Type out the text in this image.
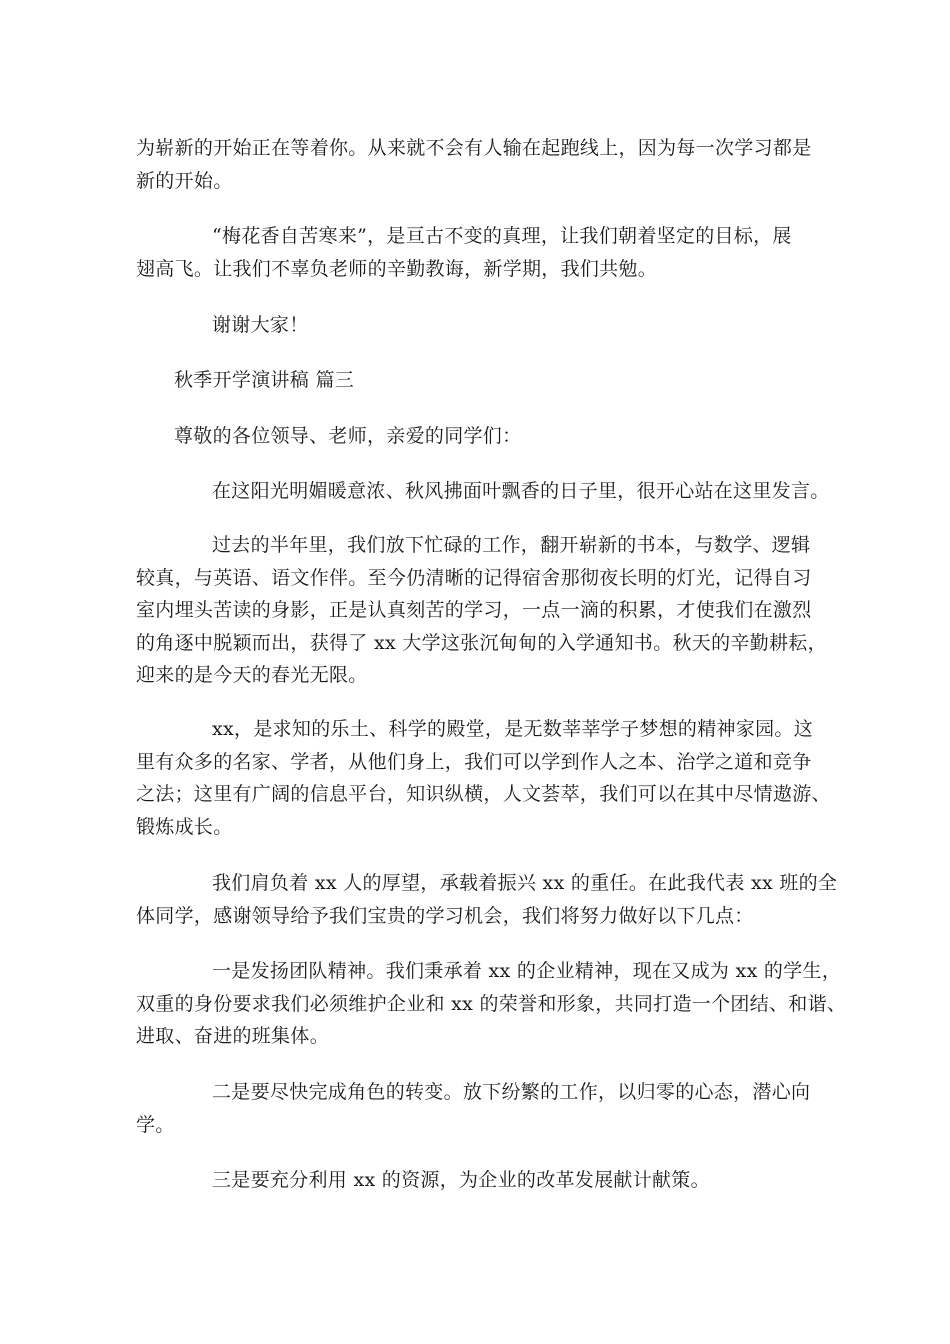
为崭新的开始正在等着你。从来就不会有人输在起跑线上，因为每一次学习都是
新的开始。

“梅花香自苦寒来”，是亘古不变的真理，让我们朝着坚定的目标，展
翅高飞。让我们不辜负老师的辛勤教诲，新学期，我们共勉。

谢谢大家！

秋季开学演讲稿 篇三

尊敬的各位领导、老师，亲爱的同学们：

在这阳光明媚暖意浓、秋风拂面叶飘香的日子里，很开心站在这里发言。

过去的半年里，我们放下忙碌的工作，翻开崭新的书本，与数学、逻辑
较真，与英语、语文作伴。至今仍清晰的记得宿舍那彻夜长明的灯光，记得自习
室内埋头苦读的身影，正是认真刻苦的学习，一点一滴的积累，才使我们在激烈
的角逐中脱颖而出，获得了 xx 大学这张沉甸甸的入学通知书。秋天的辛勤耕耘，
迎来的是今天的春光无限。

xx，是求知的乐土、科学的殿堂，是无数莘莘学子梦想的精神家园。这
里有众多的名家、学者，从他们身上，我们可以学到作人之本、治学之道和竞争
之法；这里有广阔的信息平台，知识纵横，人文荟萃，我们可以在其中尽情遨游、
锻炼成长。

我们肩负着 xx 人的厚望，承载着振兴 xx 的重任。在此我代表 xx 班的全
体同学，感谢领导给予我们宝贵的学习机会，我们将努力做好以下几点：

一是发扬团队精神。我们秉承着 xx 的企业精神，现在又成为 xx 的学生，
双重的身份要求我们必须维护企业和 xx 的荣誉和形象，共同打造一个团结、和谐、
进取、奋进的班集体。

二是要尽快完成角色的转变。放下纷繁的工作，以归零的心态，潜心向
学。

三是要充分利用 xx 的资源，为企业的改革发展献计献策。
